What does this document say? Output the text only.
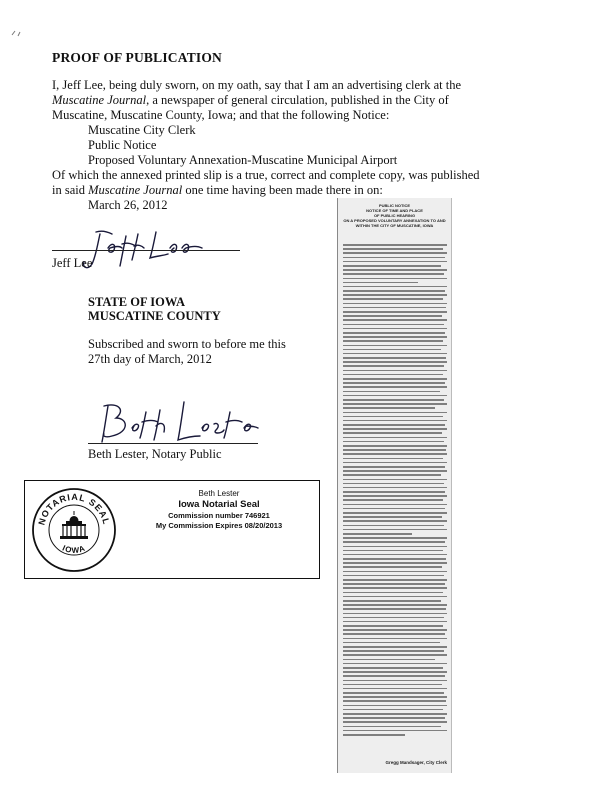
PROOF OF PUBLICATION
I, Jeff Lee, being duly sworn, on my oath, say that I am an advertising clerk at the
Muscatine Journal, a newspaper of general circulation, published in the City of
Muscatine, Muscatine County, Iowa; and that the following Notice:
Muscatine City Clerk
Public Notice
Proposed Voluntary Annexation-Muscatine Municipal Airport
Of which the annexed printed slip is a true, correct and complete copy, was published
in said Muscatine Journal one time having been made there in on:
March 26, 2012
Jeff Lee
STATE OF IOWA
MUSCATINE COUNTY
Subscribed and sworn to before me this
27th day of March, 2012
Beth Lester, Notary Public
NOTARIAL SEAL
IOWA
Beth Lester
Iowa Notarial Seal
Commission number 746921
My Commission Expires 08/20/2013
PUBLIC NOTICE
NOTICE OF TIME AND PLACE
OF PUBLIC HEARING
ON A PROPOSED VOLUNTARY ANNEXATION TO AND
WITHIN THE CITY OF MUSCATINE, IOWA
Gregg Mandsager, City Clerk
